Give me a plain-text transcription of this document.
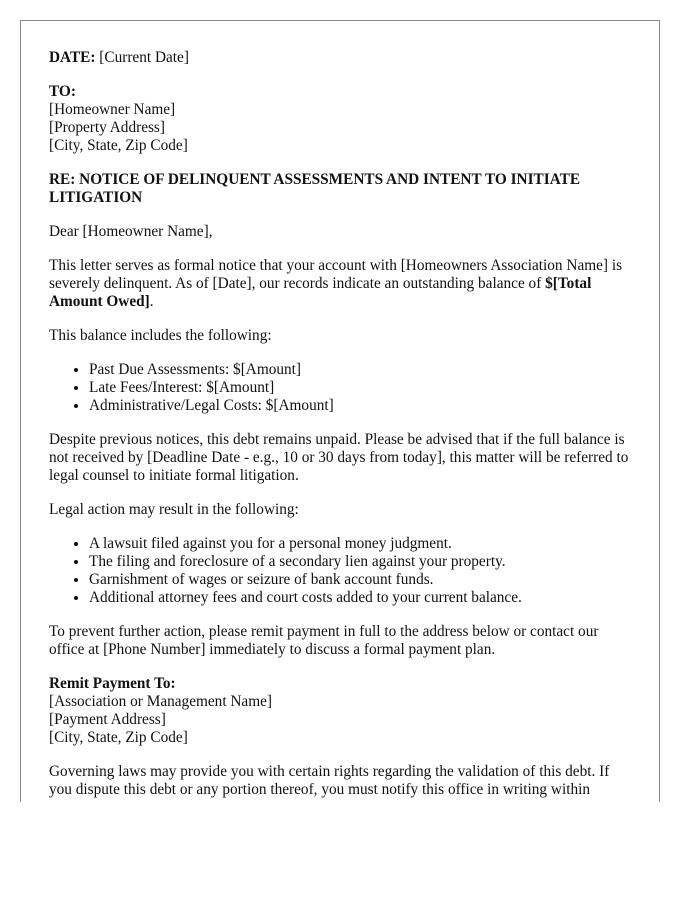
DATE: [Current Date]

TO:
[Homeowner Name]
[Property Address]
[City, State, Zip Code]
RE: NOTICE OF DELINQUENT ASSESSMENTS AND INTENT TO INITIATE LITIGATION

Dear [Homeowner Name],

This letter serves as formal notice that your account with [Homeowners Association Name] is severely delinquent. As of [Date], our records indicate an outstanding balance of $[Total Amount Owed].

This balance includes the following:

• Past Due Assessments: $[Amount]
• Late Fees/Interest: $[Amount]
• Administrative/Legal Costs: $[Amount]

Despite previous notices, this debt remains unpaid. Please be advised that if the full balance is not received by [Deadline Date - e.g., 10 or 30 days from today], this matter will be referred to legal counsel to initiate formal litigation.

Legal action may result in the following:

• A lawsuit filed against you for a personal money judgment.
• The filing and foreclosure of a secondary lien against your property.
• Garnishment of wages or seizure of bank account funds.
• Additional attorney fees and court costs added to your current balance.

To prevent further action, please remit payment in full to the address below or contact our office at [Phone Number] immediately to discuss a formal payment plan.

Remit Payment To:
[Association or Management Name]
[Payment Address]
[City, State, Zip Code]

Governing laws may provide you with certain rights regarding the validation of this debt. If you dispute this debt or any portion thereof, you must notify this office in writing within
